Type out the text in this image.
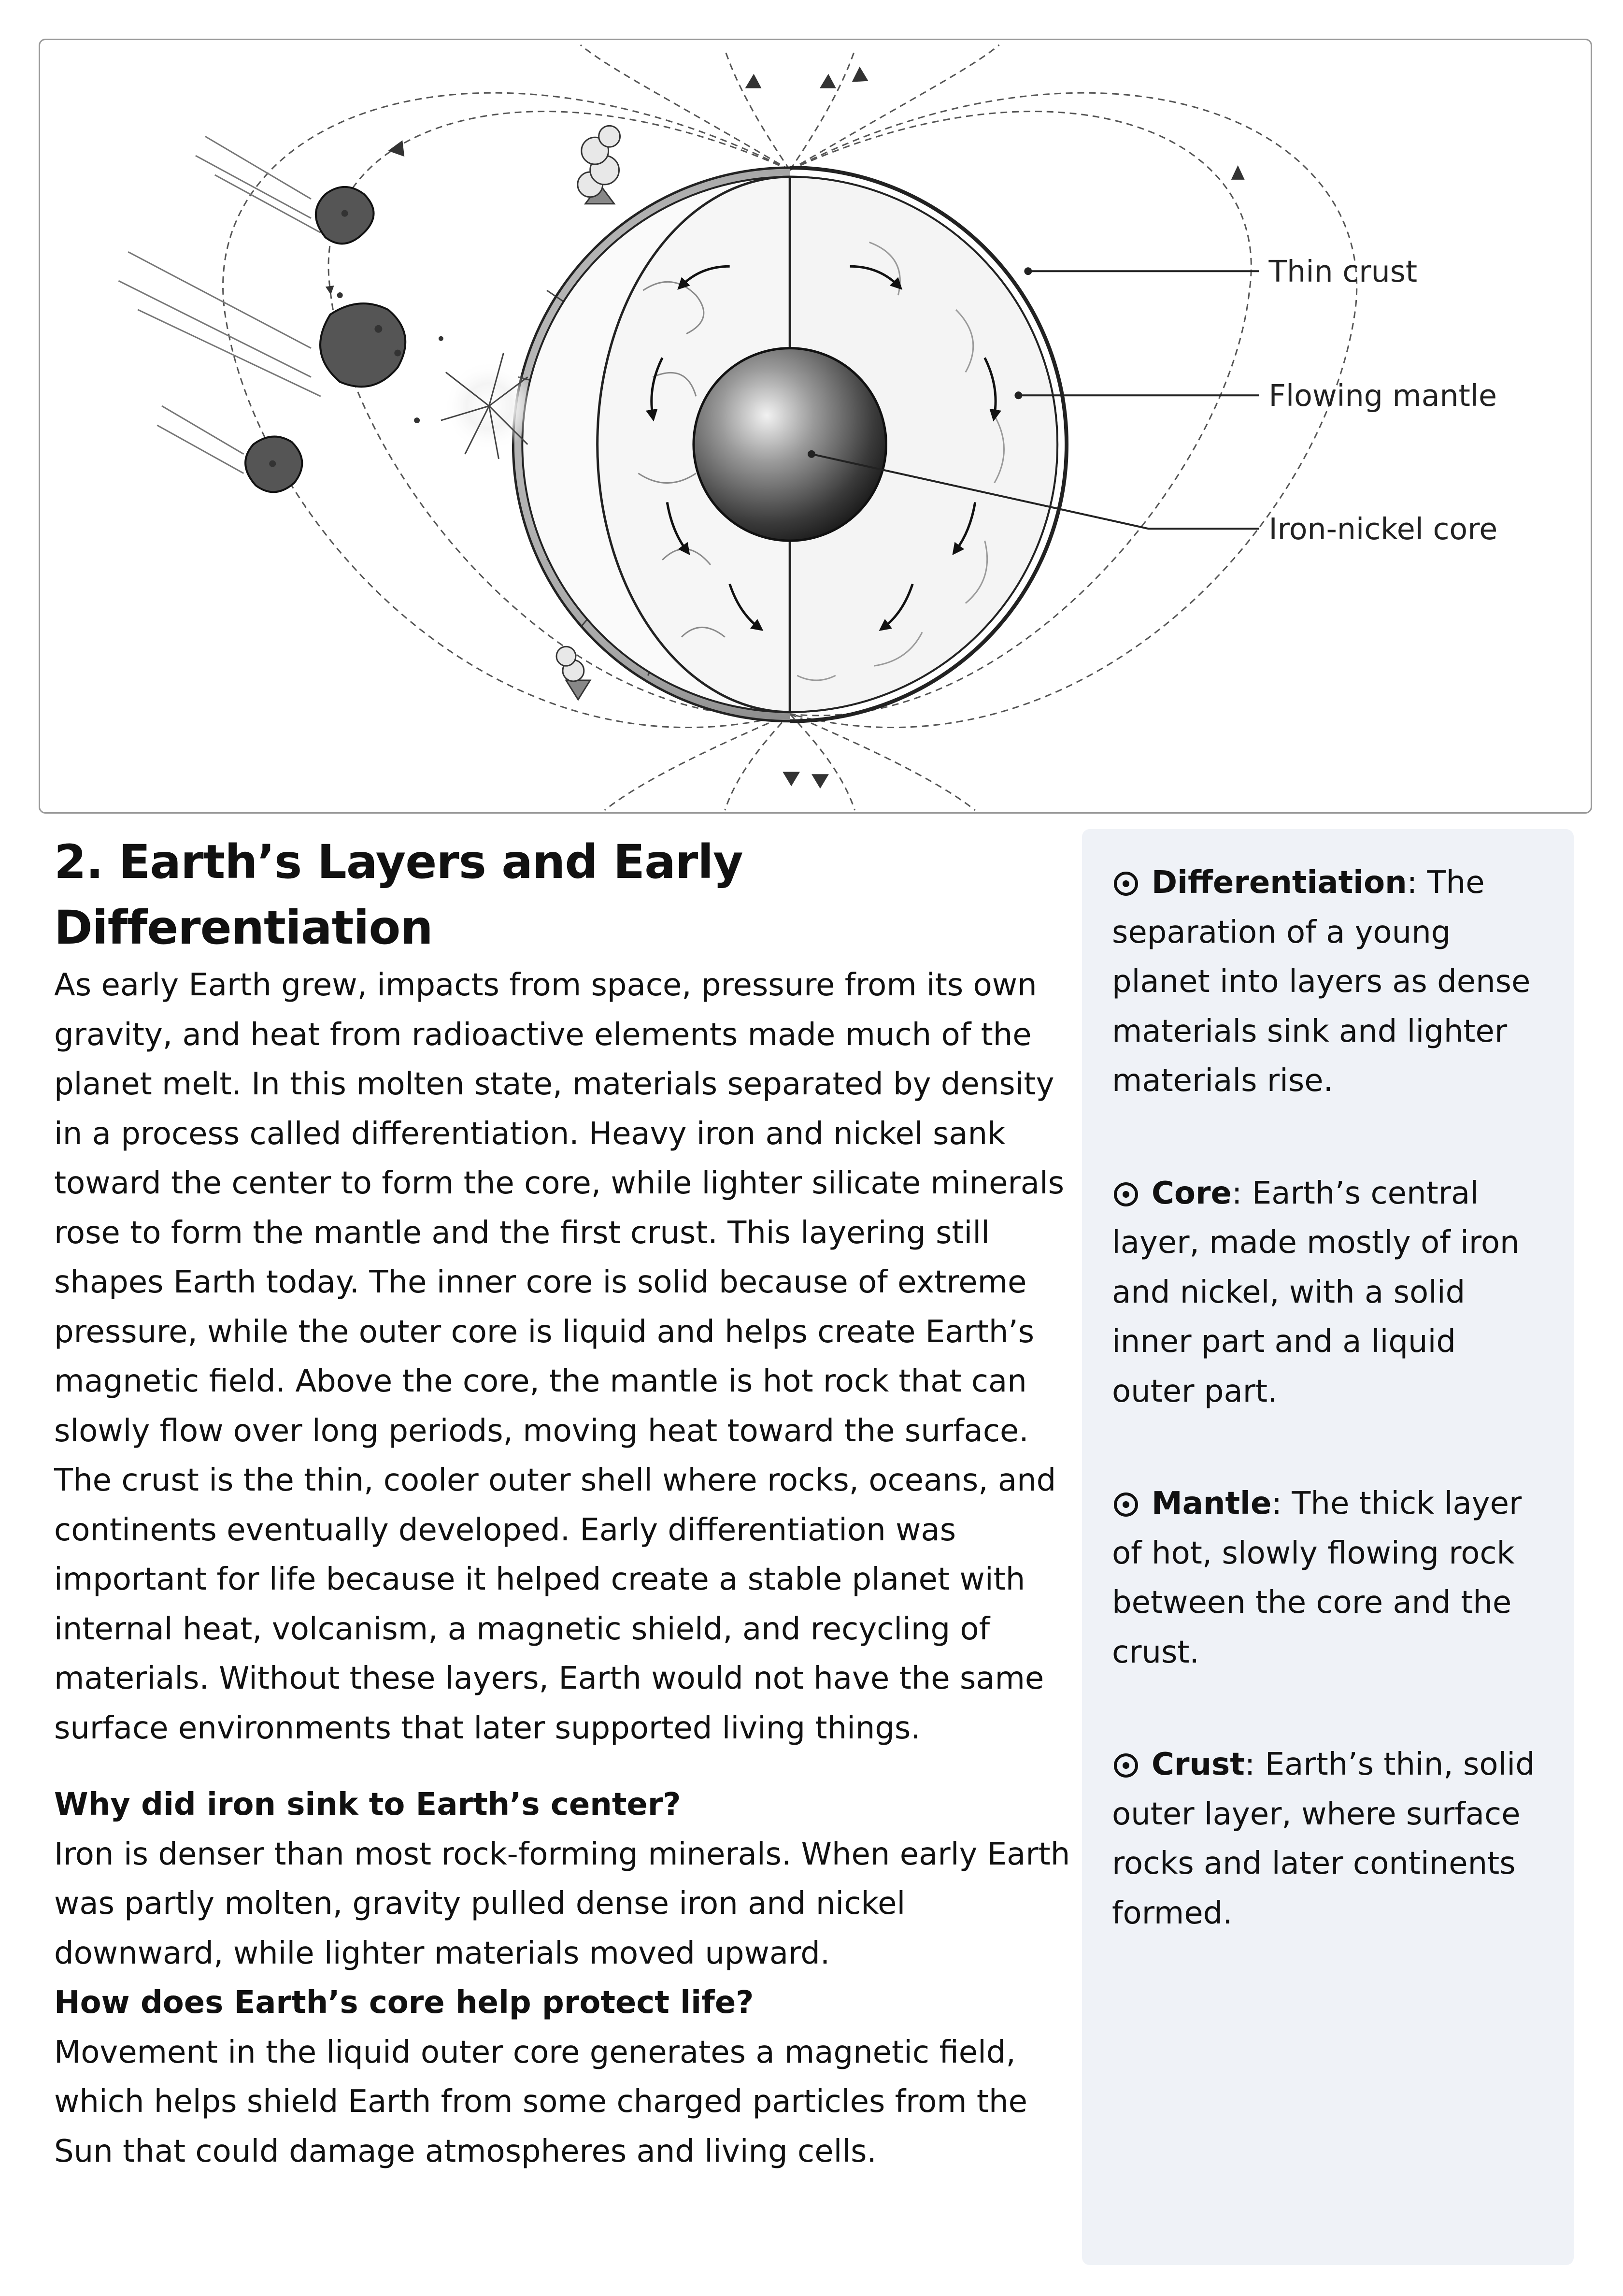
Thin crust
Flowing mantle
Iron-nickel core
2. Earth’s Layers and Early Differentiation

As early Earth grew, impacts from space, pressure from its own gravity, and heat from radioactive elements made much of the planet melt. In this molten state, materials separated by density in a process called differentiation. Heavy iron and nickel sank toward the center to form the core, while lighter silicate minerals rose to form the mantle and the first crust. This layering still shapes Earth today. The inner core is solid because of extreme pressure, while the outer core is liquid and helps create Earth’s magnetic field. Above the core, the mantle is hot rock that can slowly flow over long periods, moving heat toward the surface. The crust is the thin, cooler outer shell where rocks, oceans, and continents eventually developed. Early differentiation was important for life because it helped create a stable planet with internal heat, volcanism, a magnetic shield, and recycling of materials. Without these layers, Earth would not have the same surface environments that later supported living things.

Why did iron sink to Earth’s center?

Iron is denser than most rock-forming minerals. When early Earth was partly molten, gravity pulled dense iron and nickel downward, while lighter materials moved upward.

How does Earth’s core help protect life?

Movement in the liquid outer core generates a magnetic field, which helps shield Earth from some charged particles from the Sun that could damage atmospheres and living cells.

Differentiation: The separation of a young planet into layers as dense materials sink and lighter materials rise.

Core: Earth’s central layer, made mostly of iron and nickel, with a solid inner part and a liquid outer part.

Mantle: The thick layer of hot, slowly flowing rock between the core and the crust.

Crust: Earth’s thin, solid outer layer, where surface rocks and later continents formed.
